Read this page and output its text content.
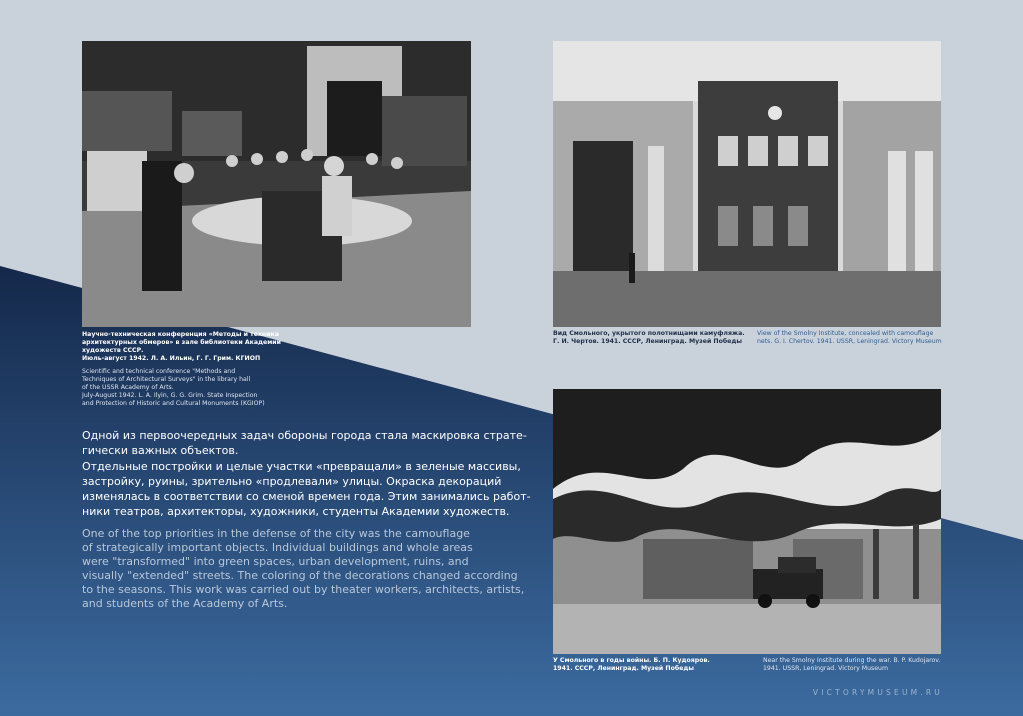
Научно-техническая конференция «Методы и техника
архитектурных обмеров» в зале библиотеки Академии
художеств СССР.
Июль-август 1942. Л. А. Ильин, Г. Г. Грим. КГИОП

Scientific and technical conference "Methods and
Techniques of Architectural Surveys" in the library hall
of the USSR Academy of Arts.
July-August 1942. L. A. Ilyin, G. G. Grim. State Inspection
and Protection of Historic and Cultural Monuments (KGIOP)

Вид Смольного, укрытого полотнищами камуфляжа.
Г. И. Чертов. 1941. СССР, Ленинград. Музей Победы

View of the Smolny Institute, concealed with camouflage
nets. G. I. Chertov. 1941. USSR, Leningrad. Victory Museum

Одной из первоочередных задач обороны города стала маскировка страте-
гически важных объектов.

Отдельные постройки и целые участки «превращали» в зеленые массивы,
застройку, руины, зрительно «продлевали» улицы. Окраска декораций
изменялась в соответствии со сменой времен года. Этим занимались работ-
ники театров, архитекторы, художники, студенты Академии художеств.

One of the top priorities in the defense of the city was the camouflage
of strategically important objects. Individual buildings and whole areas
were "transformed" into green spaces, urban development, ruins, and
visually "extended" streets. The coloring of the decorations changed according
to the seasons. This work was carried out by theater workers, architects, artists,
and students of the Academy of Arts.

У Смольного в годы войны. Б. П. Кудояров.
1941. СССР, Ленинград. Музей Победы

Near the Smolny Institute during the war. B. P. Kudojarov.
1941. USSR, Leningrad. Victory Museum

VICTORYMUSEUM.RU
